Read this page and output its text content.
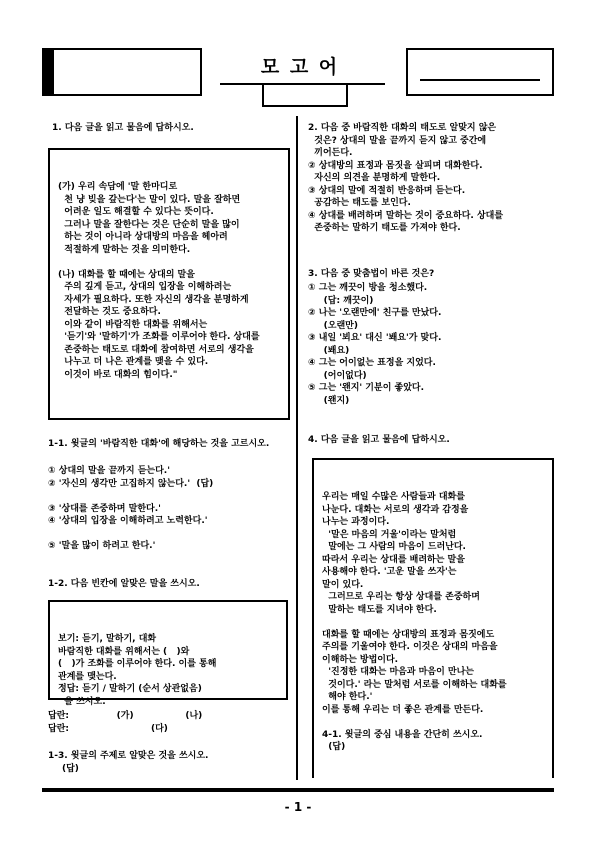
모 고 어
1. 다음 글을 읽고 물음에 답하시오.

(가) 우리 속담에 '말 한마디로

천 냥 빚을 갚는다'는 말이 있다. 말을 잘하면

어려운 일도 해결할 수 있다는 뜻이다.

그러나 말을 잘한다는 것은 단순히 말을 많이

하는 것이 아니라 상대방의 마음을 헤아려

적절하게 말하는 것을 의미한다.

(나) 대화를 할 때에는 상대의 말을

주의 깊게 듣고, 상대의 입장을 이해하려는

자세가 필요하다. 또한 자신의 생각을 분명하게

전달하는 것도 중요하다.

이와 같이 바람직한 대화를 위해서는

'듣기'와 '말하기'가 조화를 이루어야 한다. 상대를

존중하는 태도로 대화에 참여하면 서로의 생각을

나누고 더 나은 관계를 맺을 수 있다.

이것이 바로 대화의 힘이다."

1-1. 윗글의 '바람직한 대화'에 해당하는 것을 고르시오.

① 상대의 말을 끝까지 듣는다.'

② '자신의 생각만 고집하지 않는다.'  (답)

③ '상대를 존중하며 말한다.'

④ '상대의 입장을 이해하려고 노력한다.'

⑤ '말을 많이 하려고 한다.'

1-2. 다음 빈칸에 알맞은 말을 쓰시오.

보기: 듣기, 말하기, 대화

바람직한 대화를 위해서는 (   )와

(   )가 조화를 이루어야 한다. 이를 통해

관계를 맺는다.

정답: 듣기 / 말하기 (순서 상관없음)

을 쓰시오.

답란:	(가)	(나)
답란:	(다)
1-3. 윗글의 주제로 알맞은 것을 쓰시오.
(답)

2. 다음 중 바람직한 대화의 태도로 알맞지 않은

것은? 상대의 말을 끝까지 듣지 않고 중간에

끼어든다.

② 상대방의 표정과 몸짓을 살피며 대화한다.

자신의 의견을 분명하게 말한다.

③ 상대의 말에 적절히 반응하며 듣는다.

공감하는 태도를 보인다.

④ 상대를 배려하며 말하는 것이 중요하다. 상대를

존중하는 말하기 태도를 가져야 한다.

3. 다음 중 맞춤법이 바른 것은?

① 그는 깨끗이 방을 청소했다.

(답: 깨끗이)

② 나는 '오랜만에' 친구를 만났다.

(오랜만)

③ 내일 '뵈요' 대신 '봬요'가 맞다.

(봬요)

④ 그는 어이없는 표정을 지었다.

(어이없다)

⑤ 그는 '왠지' 기분이 좋았다.

(왠지)

4. 다음 글을 읽고 물음에 답하시오.

우리는 매일 수많은 사람들과 대화를

나눈다. 대화는 서로의 생각과 감정을

나누는 과정이다.

'말은 마음의 거울'이라는 말처럼

말에는 그 사람의 마음이 드러난다.

따라서 우리는 상대를 배려하는 말을

사용해야 한다. '고운 말을 쓰자'는

말이 있다.

그러므로 우리는 항상 상대를 존중하며

말하는 태도를 지녀야 한다.

대화를 할 때에는 상대방의 표정과 몸짓에도

주의를 기울여야 한다. 이것은 상대의 마음을

이해하는 방법이다.

'진정한 대화는 마음과 마음이 만나는

것이다.' 라는 말처럼 서로를 이해하는 대화를

해야 한다.'

이를 통해 우리는 더 좋은 관계를 만든다.

4-1. 윗글의 중심 내용을 간단히 쓰시오.

(답)

- 1 -
